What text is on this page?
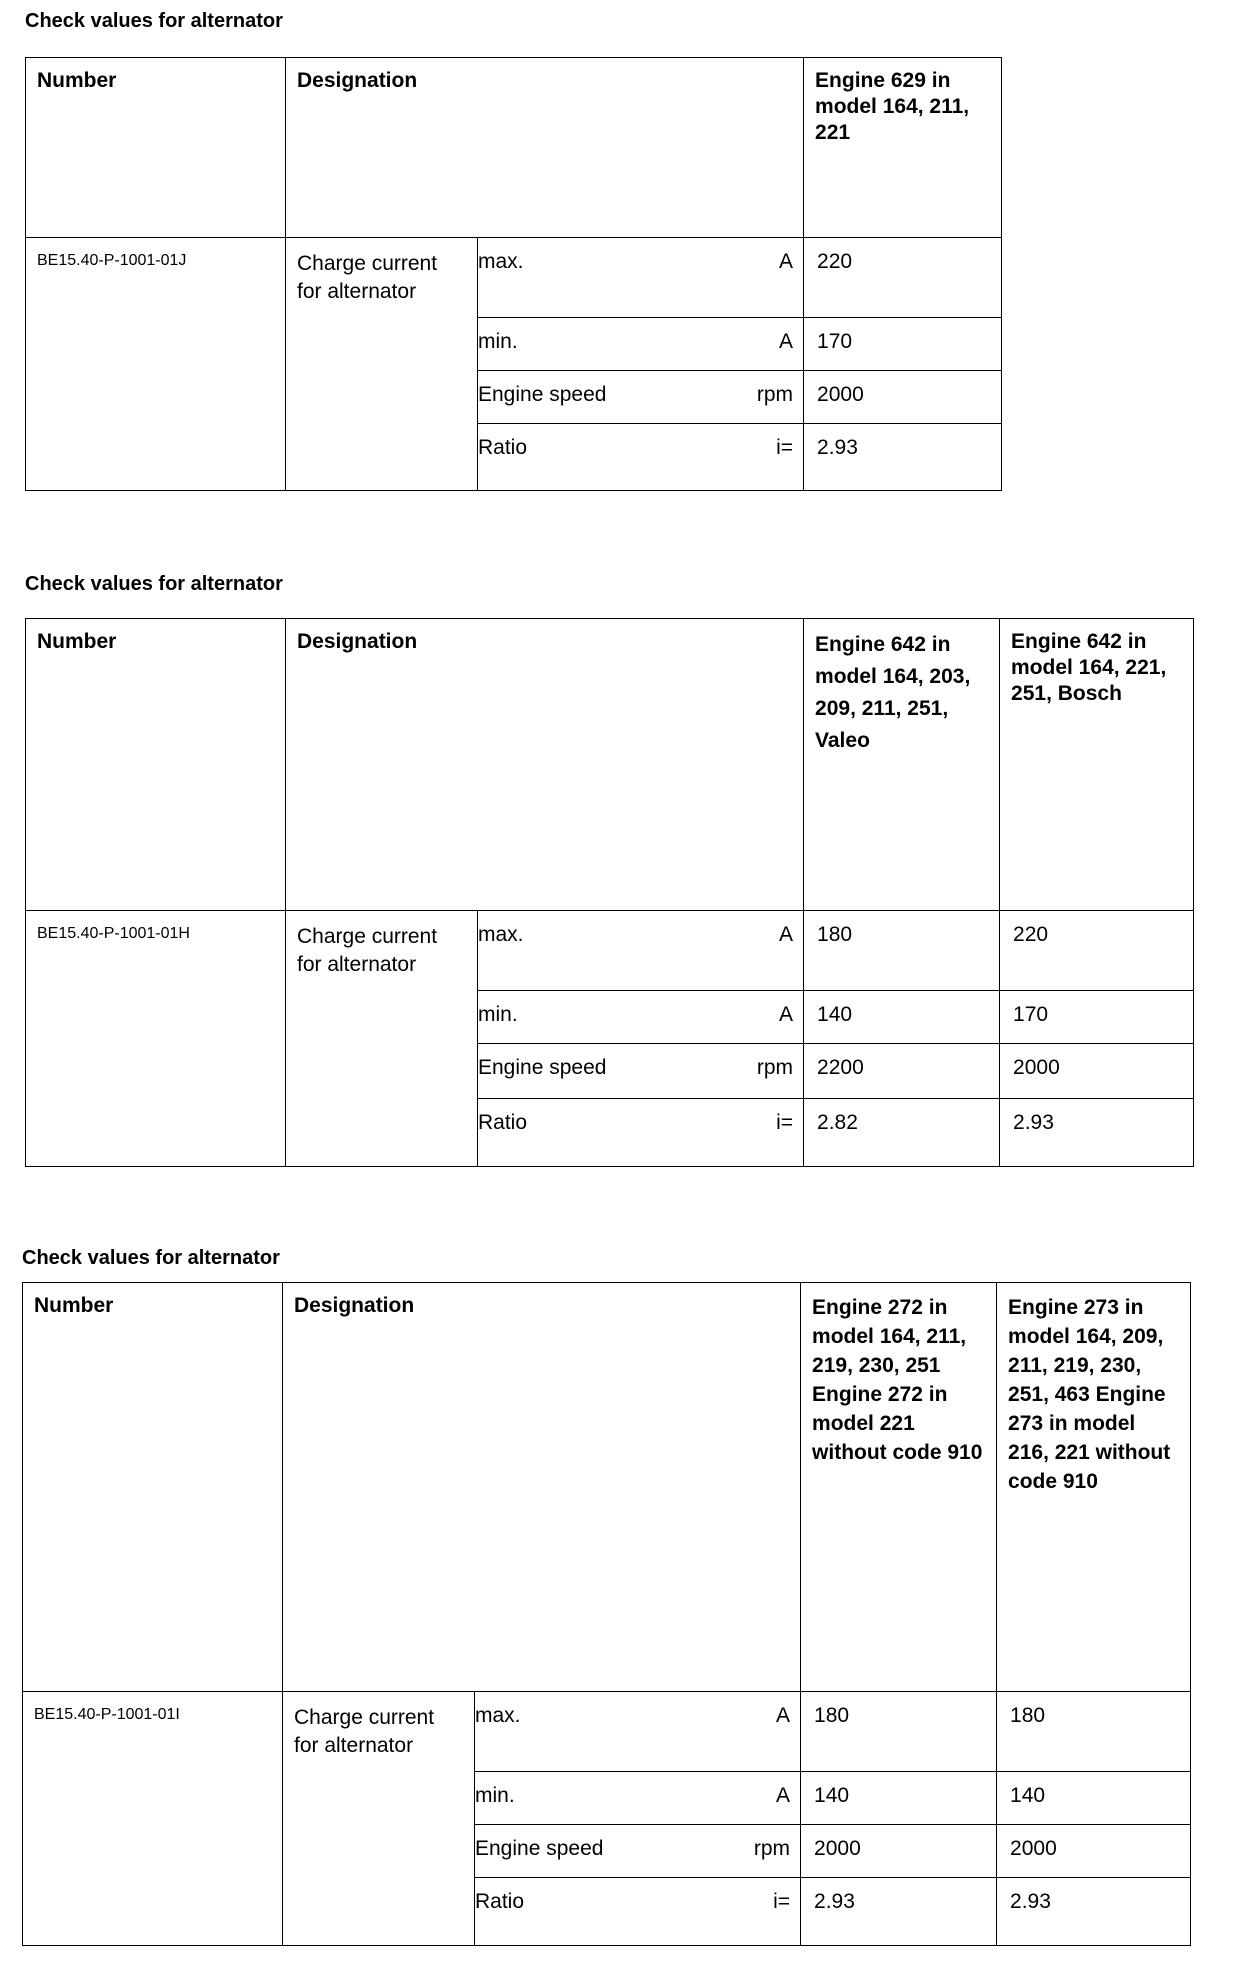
Check values for alternator
Number	Designation			Engine 629 in model 164, 211, 221
BE15.40-P-1001-01J	Charge current for alternator	max.	A	220
		min.	A	170
		Engine speed	rpm	2000
		Ratio	i=	2.93
Check values for alternator
Number	Designation			Engine 642 in model 164, 203, 209, 211, 251, Valeo	Engine 642 in model 164, 221, 251, Bosch
BE15.40-P-1001-01H	Charge current for alternator	max.	A	180	220
		min.	A	140	170
		Engine speed	rpm	2200	2000
		Ratio	i=	2.82	2.93
Check values for alternator
Number	Designation			Engine 272 in model 164, 211, 219, 230, 251 Engine 272 in model 221 without code 910	Engine 273 in model 164, 209, 211, 219, 230, 251, 463 Engine 273 in model 216, 221 without code 910
BE15.40-P-1001-01I	Charge current for alternator	max.	A	180	180
		min.	A	140	140
		Engine speed	rpm	2000	2000
		Ratio	i=	2.93	2.93
